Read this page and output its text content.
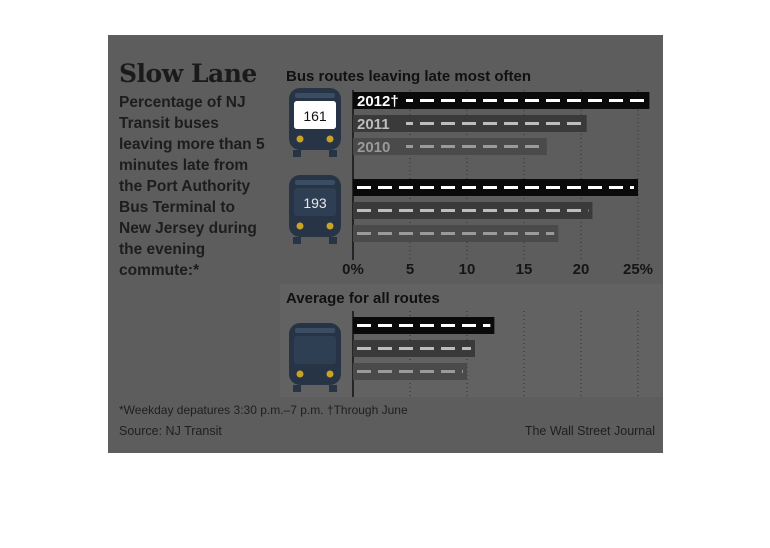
Slow Lane

Percentage of NJ Transit buses leaving more than 5 minutes late from the Port Authority Bus Terminal to New Jersey during the evening commute:*

Bus routes leaving late most often
Average for all routes
0%	5	10	15	20 25%
2012†
2011
2010
161
193
*Weekday depatures 3:30 p.m.–7 p.m. †Through June
Source: NJ Transit	The Wall Street Journal
